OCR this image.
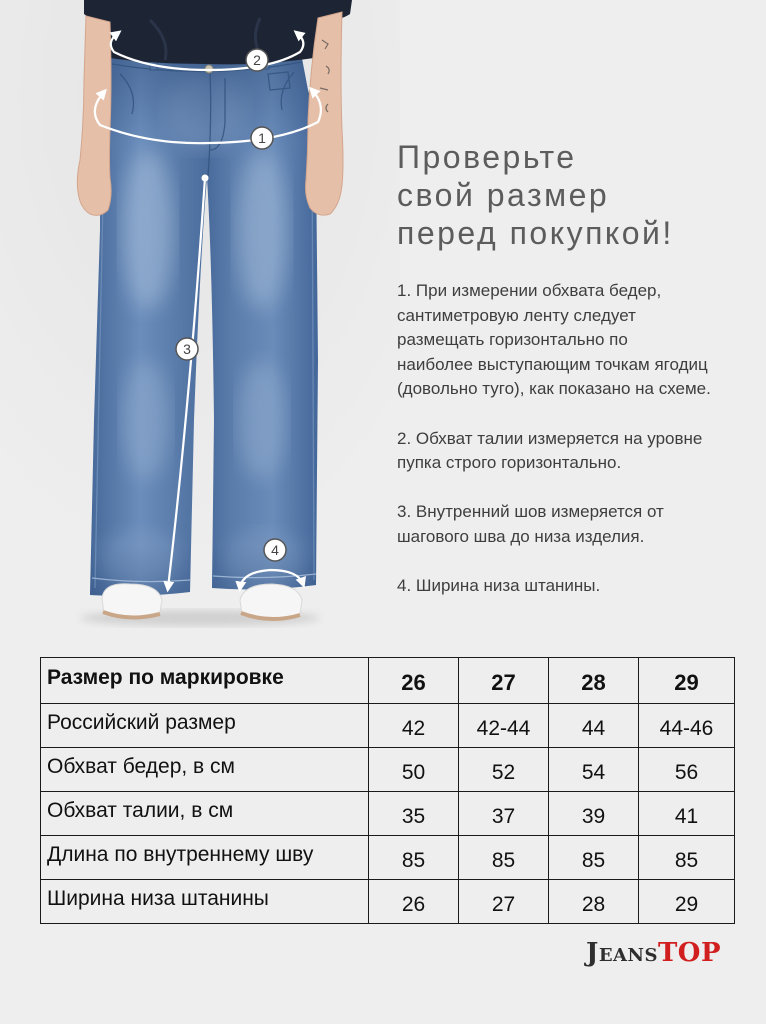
1
2
3
4
Проверьте
свой размер
перед покупкой!
1. При измерении обхвата бедер,
сантиметровую ленту следует
размещать горизонтально по
наиболее выступающим точкам ягодиц
(довольно туго), как показано на схеме.
2. Обхват талии измеряется на уровне
пупка строго горизонтально.
3. Внутренний шов измеряется от
шагового шва до низа изделия.
4. Ширина низа штанины.
Размер по маркировке	26	27	28	29
Российский размер	42	42-44	44	44-46
Обхват бедер, в см	50	52	54	56
Обхват талии, в см	35	37	39	41
Длина по внутреннему шву	85	85	85	85
Ширина низа штанины	26	27	28	29
JEANSTOP
